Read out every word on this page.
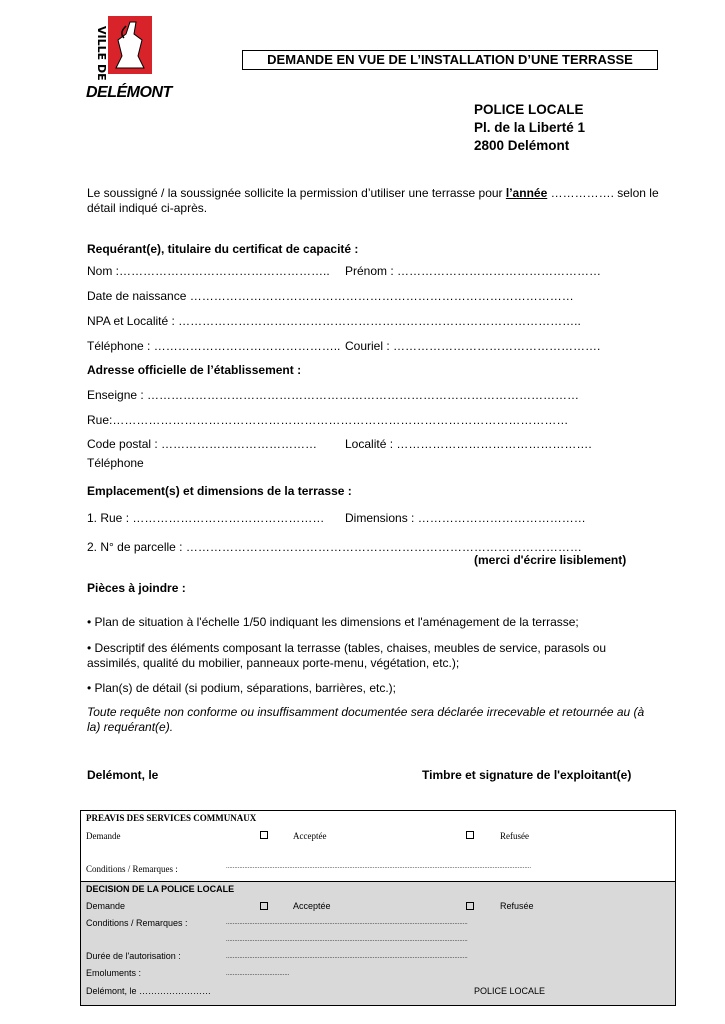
VILLE DE
DELÉMONT
DEMANDE EN VUE DE L’INSTALLATION D’UNE TERRASSE
POLICE LOCALE
Pl. de la Liberté 1
2800 Delémont
Le soussigné / la soussignée sollicite la permission d’utiliser une terrasse pour l’année ……………. selon le
détail indiqué ci-après.
Requérant(e), titulaire du certificat de capacité :
Nom :…………………………………………….. Prénom : ……………………………………………
Date de naissance ……………………………………………………………………………………
NPA et Localité : ………………………………………………………………………………………..
Téléphone : ……………………………………….. Couriel : …………………………………………….
Adresse officielle de l’établissement :
Enseigne : ………………………………………………………………………………………………
Rue:……………………………………………………………………………………………………
Code postal : ………………………………… Localité : ………………………………………….
Téléphone
Emplacement(s) et dimensions de la terrasse :
1. Rue : ………………………………………… Dimensions : ……………………………………
2. N° de parcelle : ………………………………………………………………………………………
(merci d'écrire lisiblement)
Pièces à joindre :
• Plan de situation à l'échelle 1/50 indiquant les dimensions et l'aménagement de la terrasse;
• Descriptif des éléments composant la terrasse (tables, chaises, meubles de service, parasols ou assimilés, qualité du mobilier, panneaux porte-menu, végétation, etc.);
• Plan(s) de détail (si podium, séparations, barrières, etc.);
Toute requête non conforme ou insuffisamment documentée sera déclarée irrecevable et retournée au (à la) requérant(e).
Delémont, le	Timbre et signature de l'exploitant(e)
PREAVIS DES SERVICES COMMUNAUX
Demande	Acceptée	Refusée
Conditions / Remarques :	.......................................................................................................................................................................................
DECISION DE LA POLICE LOCALE
Demande	Acceptée	Refusée
Conditions / Remarques :	.................................................................................................................................................
.................................................................................................................................................
Durée de l'autorisation :	.................................................................................................................................................
Emoluments :	......................................
Delémont, le ……………………	POLICE LOCALE
